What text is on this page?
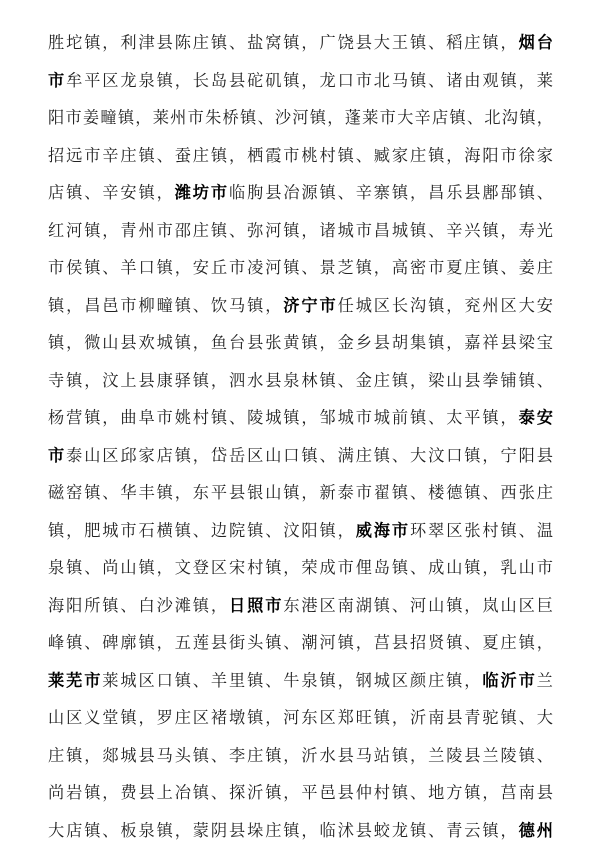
胜坨镇，利津县陈庄镇、盐窝镇，广饶县大王镇、稻庄镇，烟台
市牟平区龙泉镇，长岛县砣矶镇，龙口市北马镇、诸由观镇，莱
阳市姜疃镇，莱州市朱桥镇、沙河镇，蓬莱市大辛店镇、北沟镇，
招远市辛庄镇、蚕庄镇，栖霞市桃村镇、臧家庄镇，海阳市徐家
店镇、辛安镇，潍坊市临朐县冶源镇、辛寨镇，昌乐县鄌郚镇、
红河镇，青州市邵庄镇、弥河镇，诸城市昌城镇、辛兴镇，寿光
市侯镇、羊口镇，安丘市凌河镇、景芝镇，高密市夏庄镇、姜庄
镇，昌邑市柳疃镇、饮马镇，济宁市任城区长沟镇，兖州区大安
镇，微山县欢城镇，鱼台县张黄镇，金乡县胡集镇，嘉祥县梁宝
寺镇，汶上县康驿镇，泗水县泉林镇、金庄镇，梁山县拳铺镇、
杨营镇，曲阜市姚村镇、陵城镇，邹城市城前镇、太平镇，泰安
市泰山区邱家店镇，岱岳区山口镇、满庄镇、大汶口镇，宁阳县
磁窑镇、华丰镇，东平县银山镇，新泰市翟镇、楼德镇、西张庄
镇，肥城市石横镇、边院镇、汶阳镇，威海市环翠区张村镇、温
泉镇、尚山镇，文登区宋村镇，荣成市俚岛镇、成山镇，乳山市
海阳所镇、白沙滩镇，日照市东港区南湖镇、河山镇，岚山区巨
峰镇、碑廓镇，五莲县街头镇、潮河镇，莒县招贤镇、夏庄镇，
莱芜市莱城区口镇、羊里镇、牛泉镇，钢城区颜庄镇，临沂市兰
山区义堂镇，罗庄区褚墩镇，河东区郑旺镇，沂南县青驼镇、大
庄镇，郯城县马头镇、李庄镇，沂水县马站镇，兰陵县兰陵镇、
尚岩镇，费县上冶镇、探沂镇，平邑县仲村镇、地方镇，莒南县
大店镇、板泉镇，蒙阴县垛庄镇，临沭县蛟龙镇、青云镇，德州
